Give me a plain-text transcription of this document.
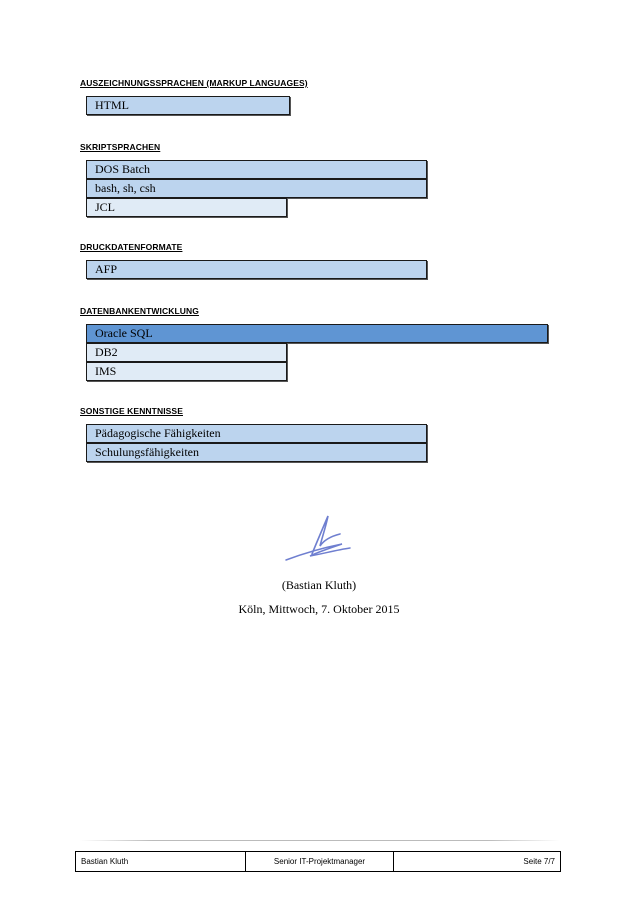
AUSZEICHNUNGSSPRACHEN (MARKUP LANGUAGES)
HTML
SKRIPTSPRACHEN
DOS Batch
bash, sh, csh
JCL
DRUCKDATENFORMATE
AFP
DATENBANKENTWICKLUNG
Oracle SQL
DB2
IMS
SONSTIGE KENNTNISSE
Pädagogische Fähigkeiten
Schulungsfähigkeiten
(Bastian Kluth)
Köln, Mittwoch, 7. Oktober 2015
Bastian Kluth	Senior IT-Projektmanager	Seite 7/7
